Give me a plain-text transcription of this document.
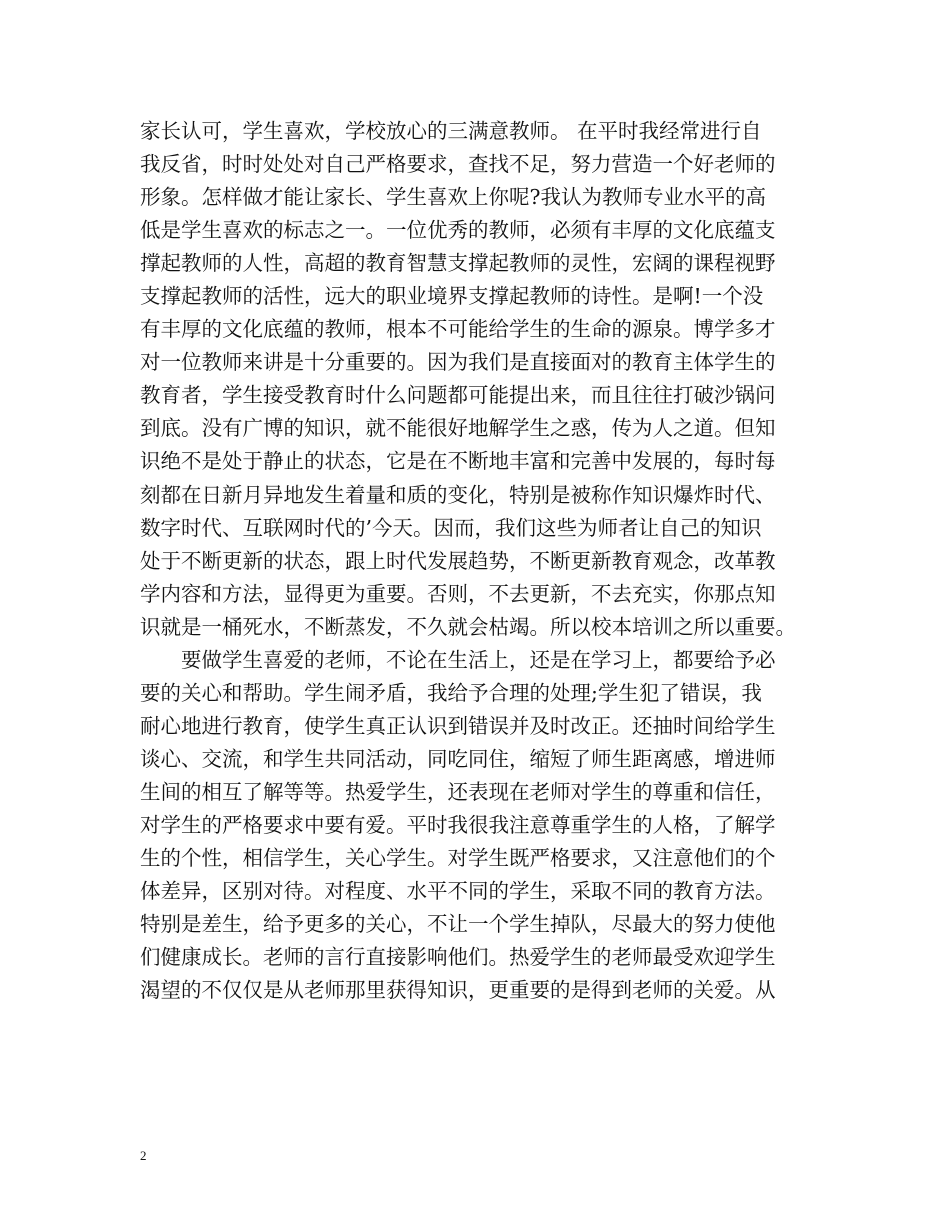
家长认可，学生喜欢，学校放心的三满意教师。 在平时我经常进行自

我反省，时时处处对自己严格要求，查找不足，努力营造一个好老师的

形象。怎样做才能让家长、学生喜欢上你呢?我认为教师专业水平的高

低是学生喜欢的标志之一。一位优秀的教师，必须有丰厚的文化底蕴支

撑起教师的人性，高超的教育智慧支撑起教师的灵性，宏阔的课程视野

支撑起教师的活性，远大的职业境界支撑起教师的诗性。是啊!一个没

有丰厚的文化底蕴的教师，根本不可能给学生的生命的源泉。博学多才

对一位教师来讲是十分重要的。因为我们是直接面对的教育主体学生的

教育者，学生接受教育时什么问题都可能提出来，而且往往打破沙锅问

到底。没有广博的知识，就不能很好地解学生之惑，传为人之道。但知

识绝不是处于静止的状态，它是在不断地丰富和完善中发展的，每时每

刻都在日新月异地发生着量和质的变化，特别是被称作知识爆炸时代、

数字时代、互联网时代的’今天。因而，我们这些为师者让自己的知识

处于不断更新的状态，跟上时代发展趋势，不断更新教育观念，改革教

学内容和方法，显得更为重要。否则，不去更新，不去充实，你那点知

识就是一桶死水，不断蒸发，不久就会枯竭。所以校本培训之所以重要。

要做学生喜爱的老师，不论在生活上，还是在学习上，都要给予必

要的关心和帮助。学生闹矛盾，我给予合理的处理;学生犯了错误，我

耐心地进行教育，使学生真正认识到错误并及时改正。还抽时间给学生

谈心、交流，和学生共同活动，同吃同住，缩短了师生距离感，增进师

生间的相互了解等等。热爱学生，还表现在老师对学生的尊重和信任，

对学生的严格要求中要有爱。平时我很我注意尊重学生的人格，了解学

生的个性，相信学生，关心学生。对学生既严格要求，又注意他们的个

体差异，区别对待。对程度、水平不同的学生，采取不同的教育方法。

特别是差生，给予更多的关心，不让一个学生掉队，尽最大的努力使他

们健康成长。老师的言行直接影响他们。热爱学生的老师最受欢迎学生

渴望的不仅仅是从老师那里获得知识，更重要的是得到老师的关爱。从

2
